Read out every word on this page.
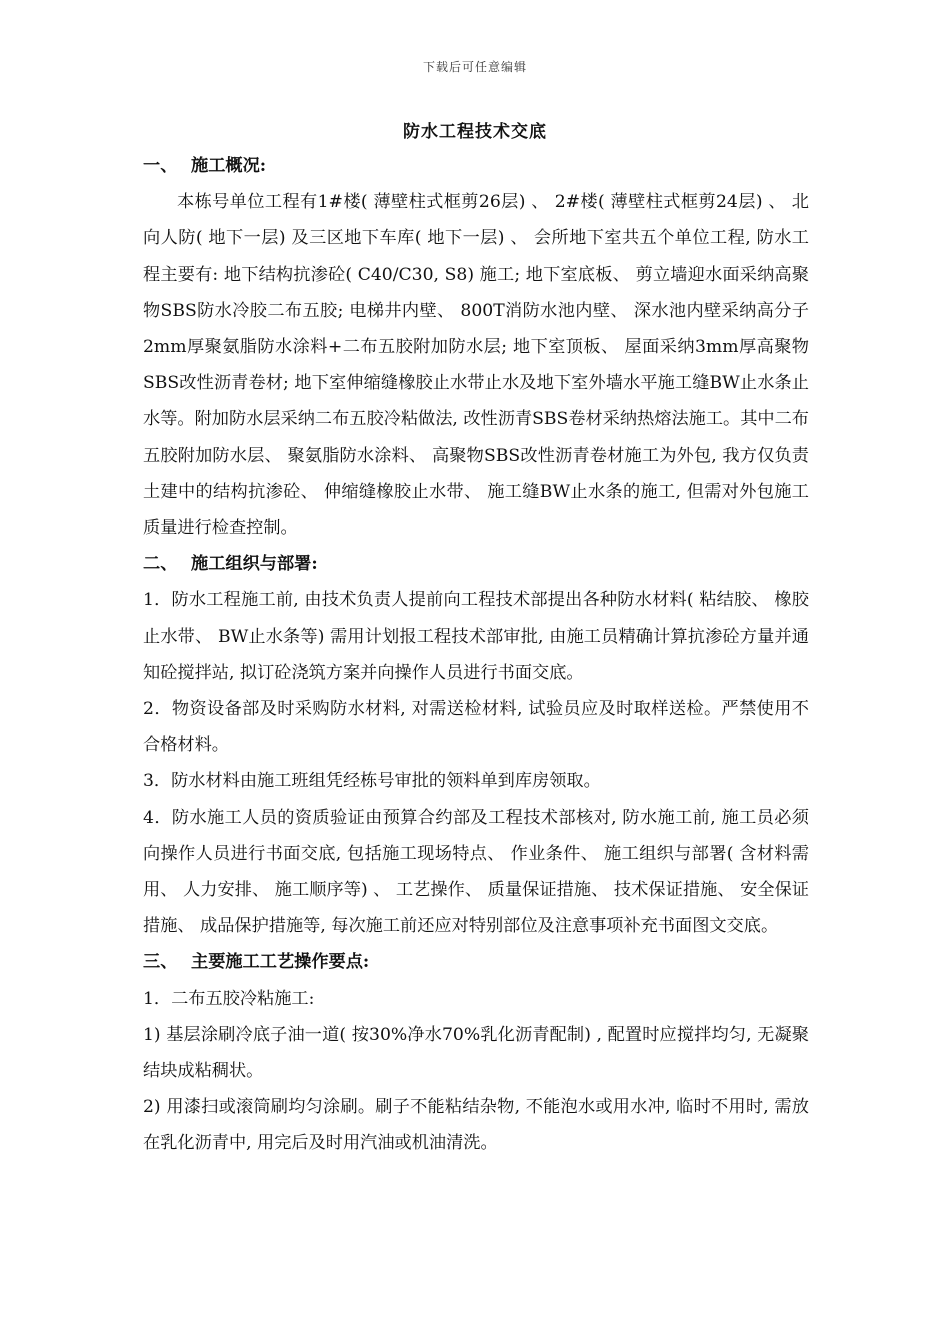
下载后可任意编辑
防水工程技术交底
一、 施工概况:

本栋号单位工程有1#楼( 薄壁柱式框剪26层) 、 2#楼( 薄壁柱式框剪24层) 、 北向人防( 地下一层) 及三区地下车库( 地下一层) 、 会所地下室共五个单位工程, 防水工程主要有: 地下结构抗渗砼( C40/C30, S8) 施工; 地下室底板、 剪立墙迎水面采纳高聚物SBS防水冷胶二布五胶; 电梯井内壁、 800T消防水池内壁、 深水池内壁采纳高分子2mm厚聚氨脂防水涂料+二布五胶附加防水层; 地下室顶板、 屋面采纳3mm厚高聚物SBS改性沥青卷材; 地下室伸缩缝橡胶止水带止水及地下室外墙水平施工缝BW止水条止水等。附加防水层采纳二布五胶冷粘做法, 改性沥青SBS卷材采纳热熔法施工。其中二布五胶附加防水层、 聚氨脂防水涂料、 高聚物SBS改性沥青卷材施工为外包, 我方仅负责土建中的结构抗渗砼、 伸缩缝橡胶止水带、 施工缝BW止水条的施工, 但需对外包施工质量进行检查控制。

二、 施工组织与部署:

1．防水工程施工前, 由技术负责人提前向工程技术部提出各种防水材料( 粘结胶、 橡胶止水带、 BW止水条等) 需用计划报工程技术部审批, 由施工员精确计算抗渗砼方量并通知砼搅拌站, 拟订砼浇筑方案并向操作人员进行书面交底。

2．物资设备部及时采购防水材料, 对需送检材料, 试验员应及时取样送检。严禁使用不合格材料。

3．防水材料由施工班组凭经栋号审批的领料单到库房领取。

4．防水施工人员的资质验证由预算合约部及工程技术部核对, 防水施工前, 施工员必须向操作人员进行书面交底, 包括施工现场特点、 作业条件、 施工组织与部署( 含材料需用、 人力安排、 施工顺序等) 、 工艺操作、 质量保证措施、 技术保证措施、 安全保证措施、 成品保护措施等, 每次施工前还应对特别部位及注意事项补充书面图文交底。

三、 主要施工工艺操作要点:

1．二布五胶冷粘施工:

1) 基层涂刷冷底子油一道( 按30%净水70%乳化沥青配制) , 配置时应搅拌均匀, 无凝聚结块成粘稠状。

2) 用漆扫或滚筒刷均匀涂刷。刷子不能粘结杂物, 不能泡水或用水冲, 临时不用时, 需放在乳化沥青中, 用完后及时用汽油或机油清洗。
